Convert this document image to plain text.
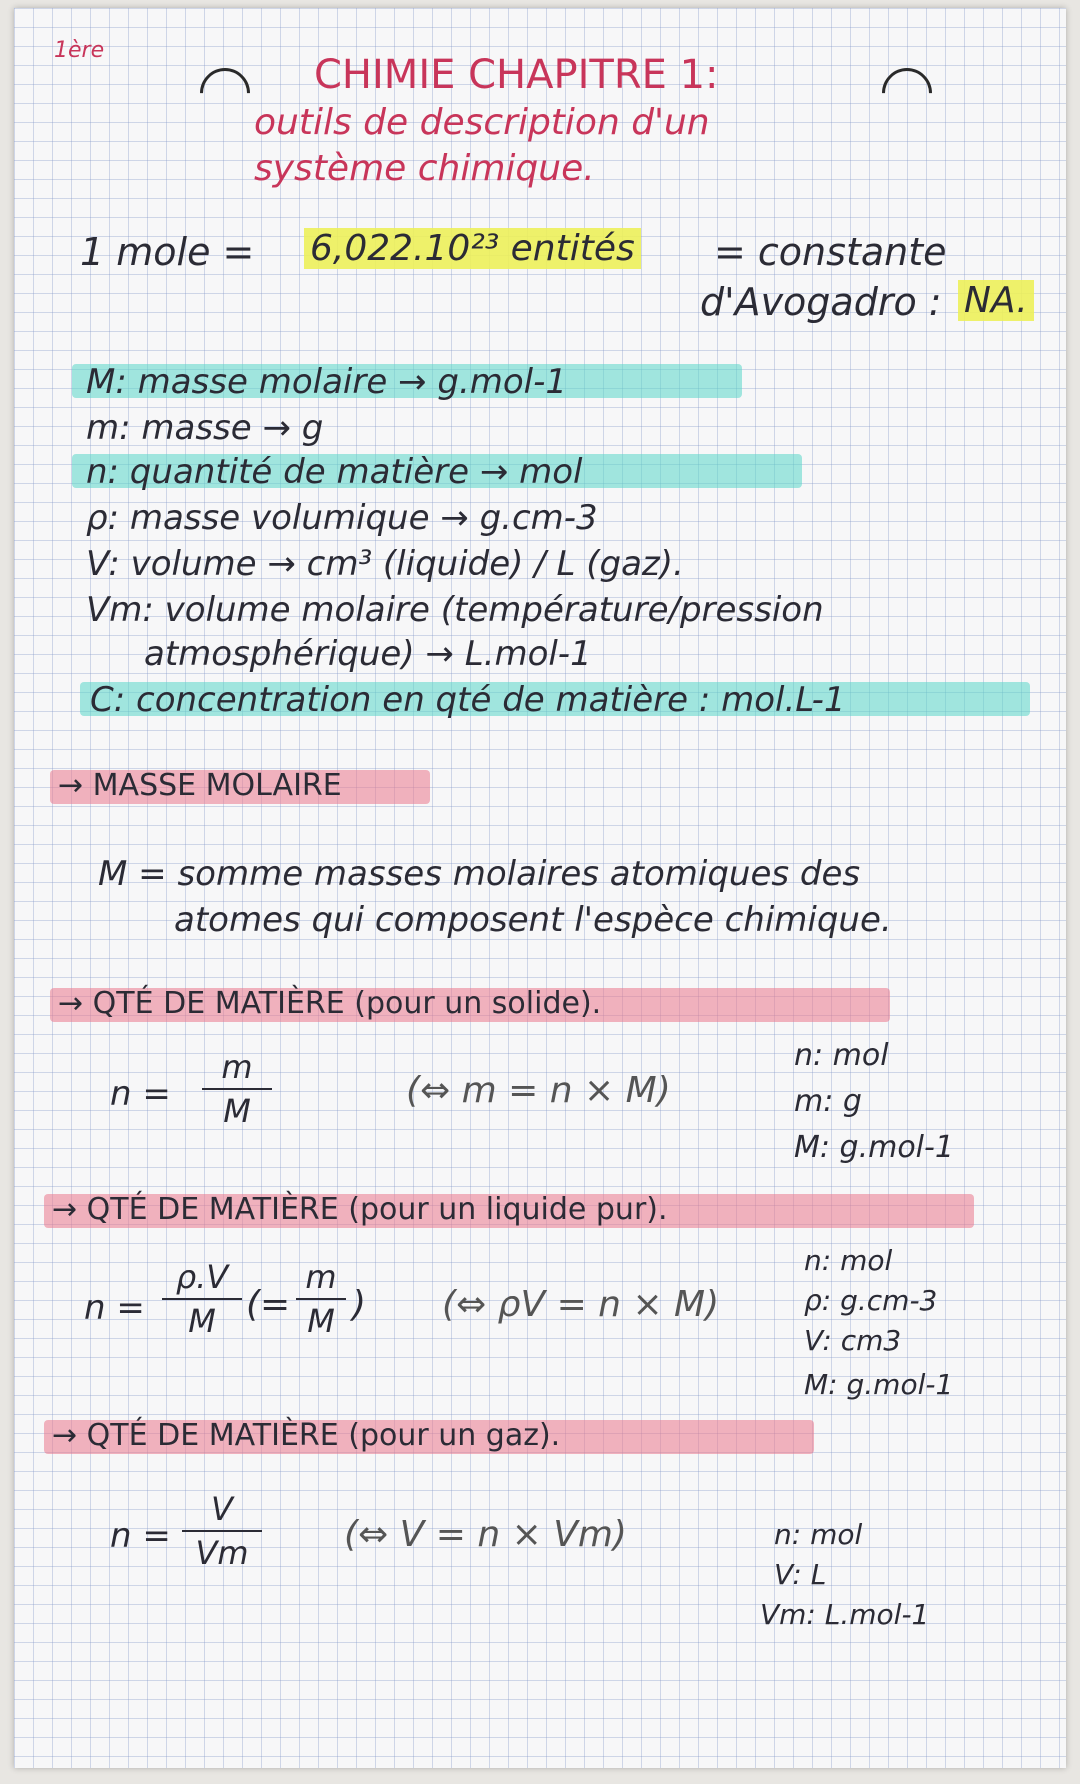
1ère
CHIMIE CHAPITRE 1:
outils de description d'un
système chimique.
1 mole = 6,022.10²³ entités = constante
d'Avogadro : NA.
M: masse molaire → g.mol-1
m: masse → g
n: quantité de matière → mol
ρ: masse volumique → g.cm-3
V: volume → cm³ (liquide) / L (gaz).
Vm: volume molaire (température/pression
atmosphérique) → L.mol-1
C: concentration en qté de matière : mol.L-1
→ MASSE MOLAIRE
M = somme masses molaires atomiques des
atomes qui composent l'espèce chimique.
→ QTÉ DE MATIÈRE (pour un solide).
n =
m
M	(⇔ m = n × M)
n: mol
m: g
M: g.mol-1
→ QTÉ DE MATIÈRE (pour un liquide pur).
n =
ρ.V
M (=
m
M ) (⇔ ρV = n × M)
n: mol
ρ: g.cm-3
V: cm3
M: g.mol-1
→ QTÉ DE MATIÈRE (pour un gaz).
n =
V
Vm	(⇔ V = n × Vm)	n: mol
V: L
Vm: L.mol-1
